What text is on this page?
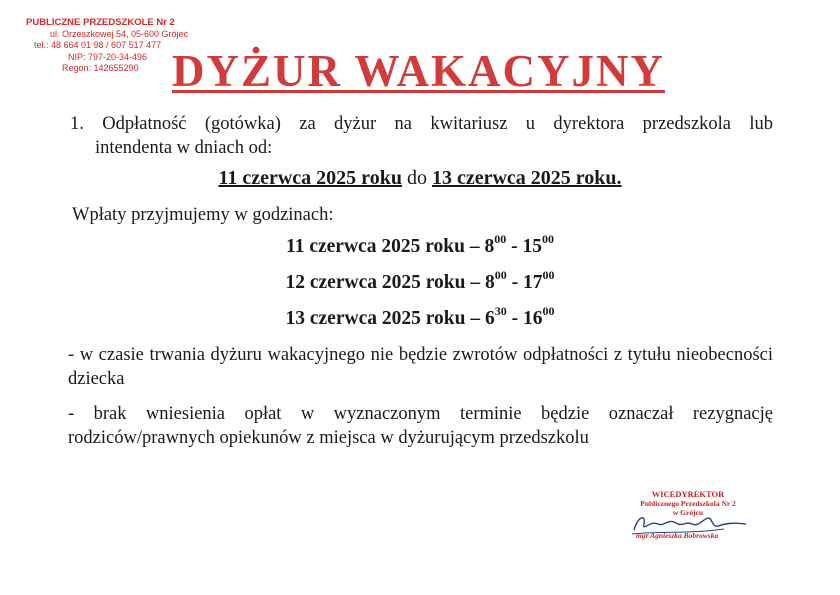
PUBLICZNE PRZEDSZKOLE Nr 2
ul. Orzeszkowej 54, 05-600 Grójec
tel.: 48 664 01 98 / 607 517 477
NIP: 797-20-34-496
Regon: 142655290 DYŻUR WAKACYJNY
1. Odpłatność (gotówka) za dyżur na kwitariusz u dyrektora przedszkola lub
intendenta w dniach od:
11 czerwca 2025 roku do 13 czerwca 2025 roku.
Wpłaty przyjmujemy w godzinach:
11 czerwca 2025 roku – $8^{00} - 15^{00}$
12 czerwca 2025 roku – $8^{00} - 17^{00}$
13 czerwca 2025 roku – $6^{30} - 16^{00}$
- w czasie trwania dyżuru wakacyjnego nie będzie zwrotów odpłatności z tytułu nieobecności dziecka
- brak wniesienia opłat w wyznaczonym terminie będzie oznaczał rezygnację rodziców/prawnych opiekunów z miejsca w dyżurującym przedszkolu
WICEDYREKTOR
Publicznego Przedszkola Nr 2
w Grójcu
mgr Agnieszka Bobrowska
